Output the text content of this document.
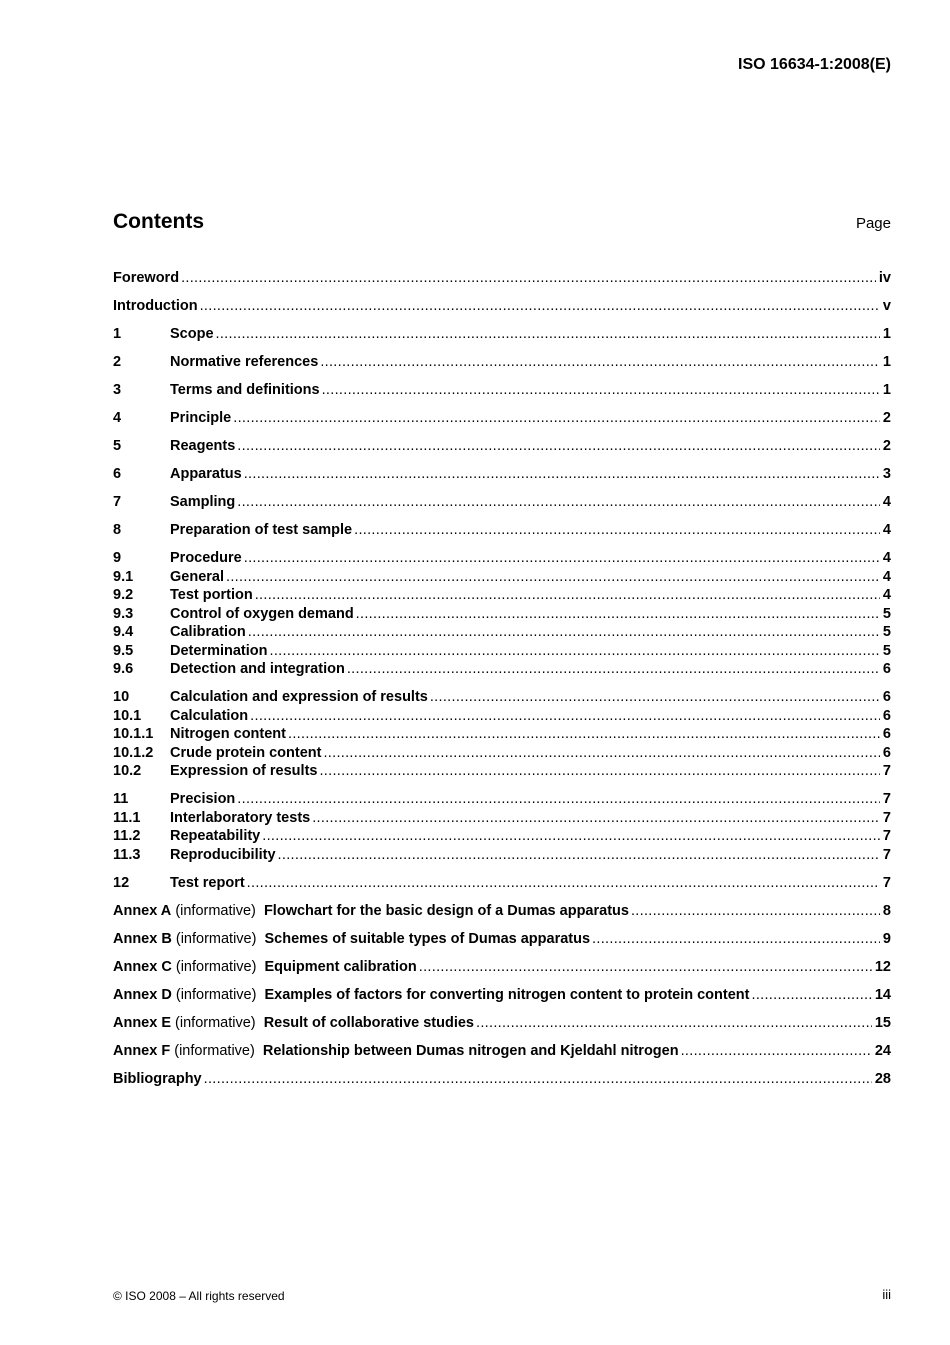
ISO 16634-1:2008(E)
Contents	Page
Foreword .....	iv
Introduction .....	v
1	Scope .....	1
2	Normative references .....	1
3	Terms and definitions .....	1
4	Principle .....	2
5	Reagents .....	2
6	Apparatus .....	3
7	Sampling .....	4
8	Preparation of test sample .....	4
9	Procedure .....	4
9.1	General .....	4
9.2	Test portion .....	4
9.3	Control of oxygen demand .....	5
9.4	Calibration .....	5
9.5	Determination .....	5
9.6	Detection and integration .....	6
10	Calculation and expression of results .....	6
10.1	Calculation .....	6
10.1.1	Nitrogen content .....	6
10.1.2	Crude protein content .....	6
10.2	Expression of results .....	7
11	Precision .....	7
11.1	Interlaboratory tests .....	7
11.2	Repeatability .....	7
11.3	Reproducibility .....	7
12	Test report .....	7
Annex A (informative) Flowchart for the basic design of a Dumas apparatus .....	8
Annex B (informative) Schemes of suitable types of Dumas apparatus .....	9
Annex C (informative) Equipment calibration .....	12
Annex D (informative) Examples of factors for converting nitrogen content to protein content .....	14
Annex E (informative) Result of collaborative studies .....	15
Annex F (informative) Relationship between Dumas nitrogen and Kjeldahl nitrogen .....	24
Bibliography .....	28
© ISO 2008 – All rights reserved	iii
